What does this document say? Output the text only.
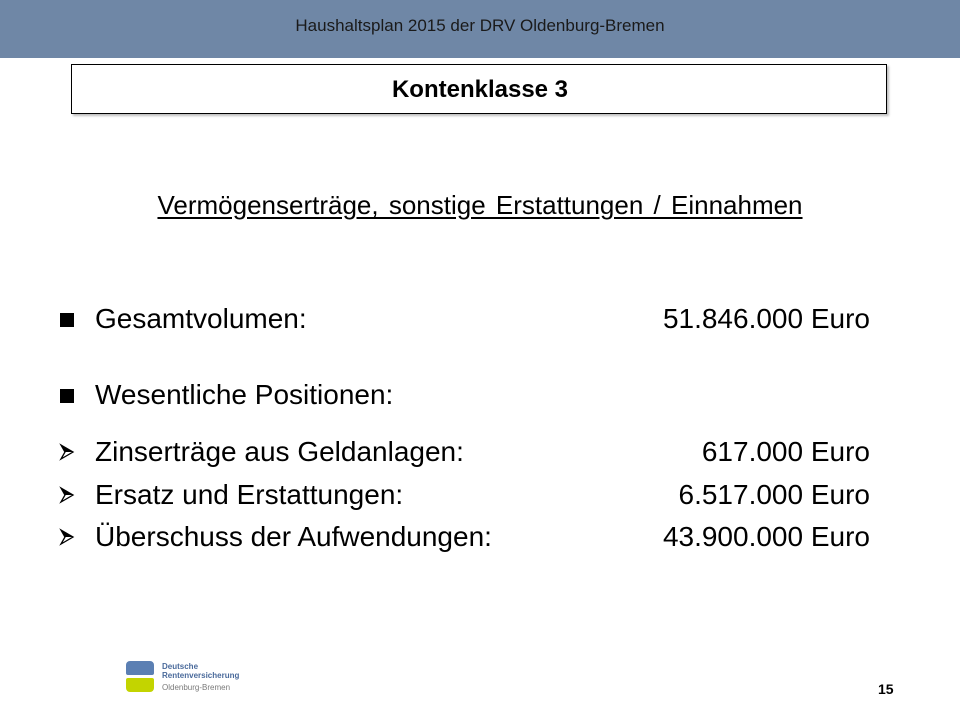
Haushaltsplan 2015 der DRV Oldenburg-Bremen
Kontenklasse 3
Vermögenserträge, sonstige Erstattungen / Einnahmen
Gesamtvolumen:	51.846.000 Euro
Wesentliche Positionen:
Zinserträge aus Geldanlagen:	617.000 Euro
Ersatz und Erstattungen:	6.517.000 Euro
Überschuss der Aufwendungen:	43.900.000 Euro
Deutsche
Rentenversicherung
Oldenburg-Bremen	15
